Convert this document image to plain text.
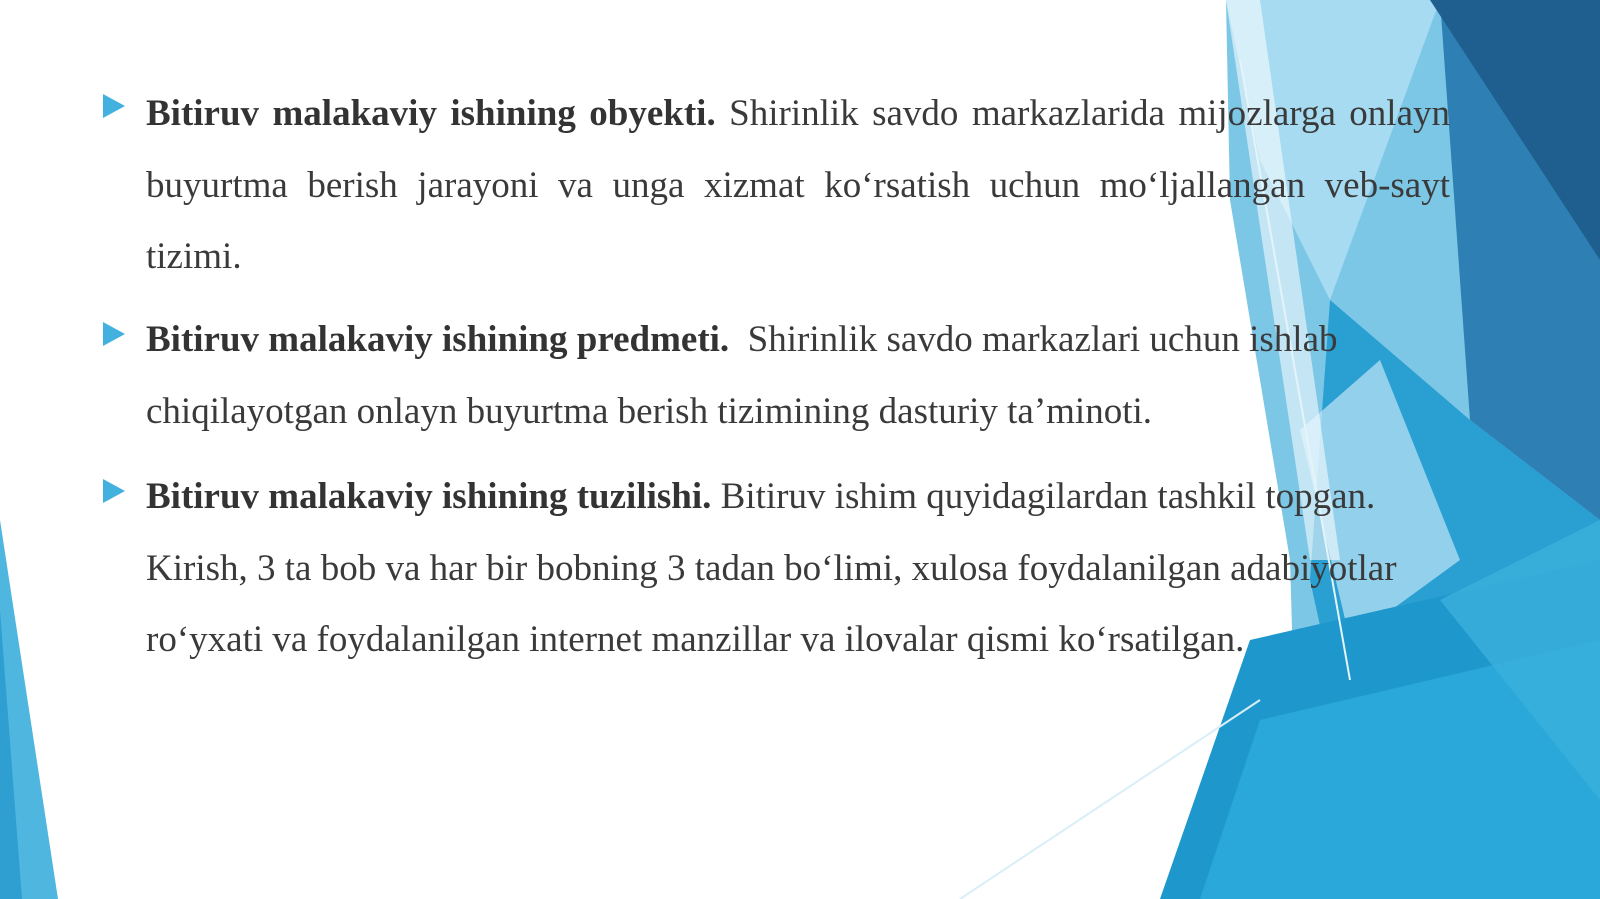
Bitiruv malakaviy ishining obyekti. Shirinlik savdo markazlarida mijozlarga onlayn buyurtma berish jarayoni va unga xizmat ko‘rsatish uchun mo‘ljallangan veb-sayt tizimi.
Bitiruv malakaviy ishining predmeti. Shirinlik savdo markazlari uchun ishlab chiqilayotgan onlayn buyurtma berish tizimining dasturiy ta’minoti.
Bitiruv malakaviy ishining tuzilishi. Bitiruv ishim quyidagilardan tashkil topgan. Kirish, 3 ta bob va har bir bobning 3 tadan bo‘limi, xulosa foydalanilgan adabiyotlar ro‘yxati va foydalanilgan internet manzillar va ilovalar qismi ko‘rsatilgan.
